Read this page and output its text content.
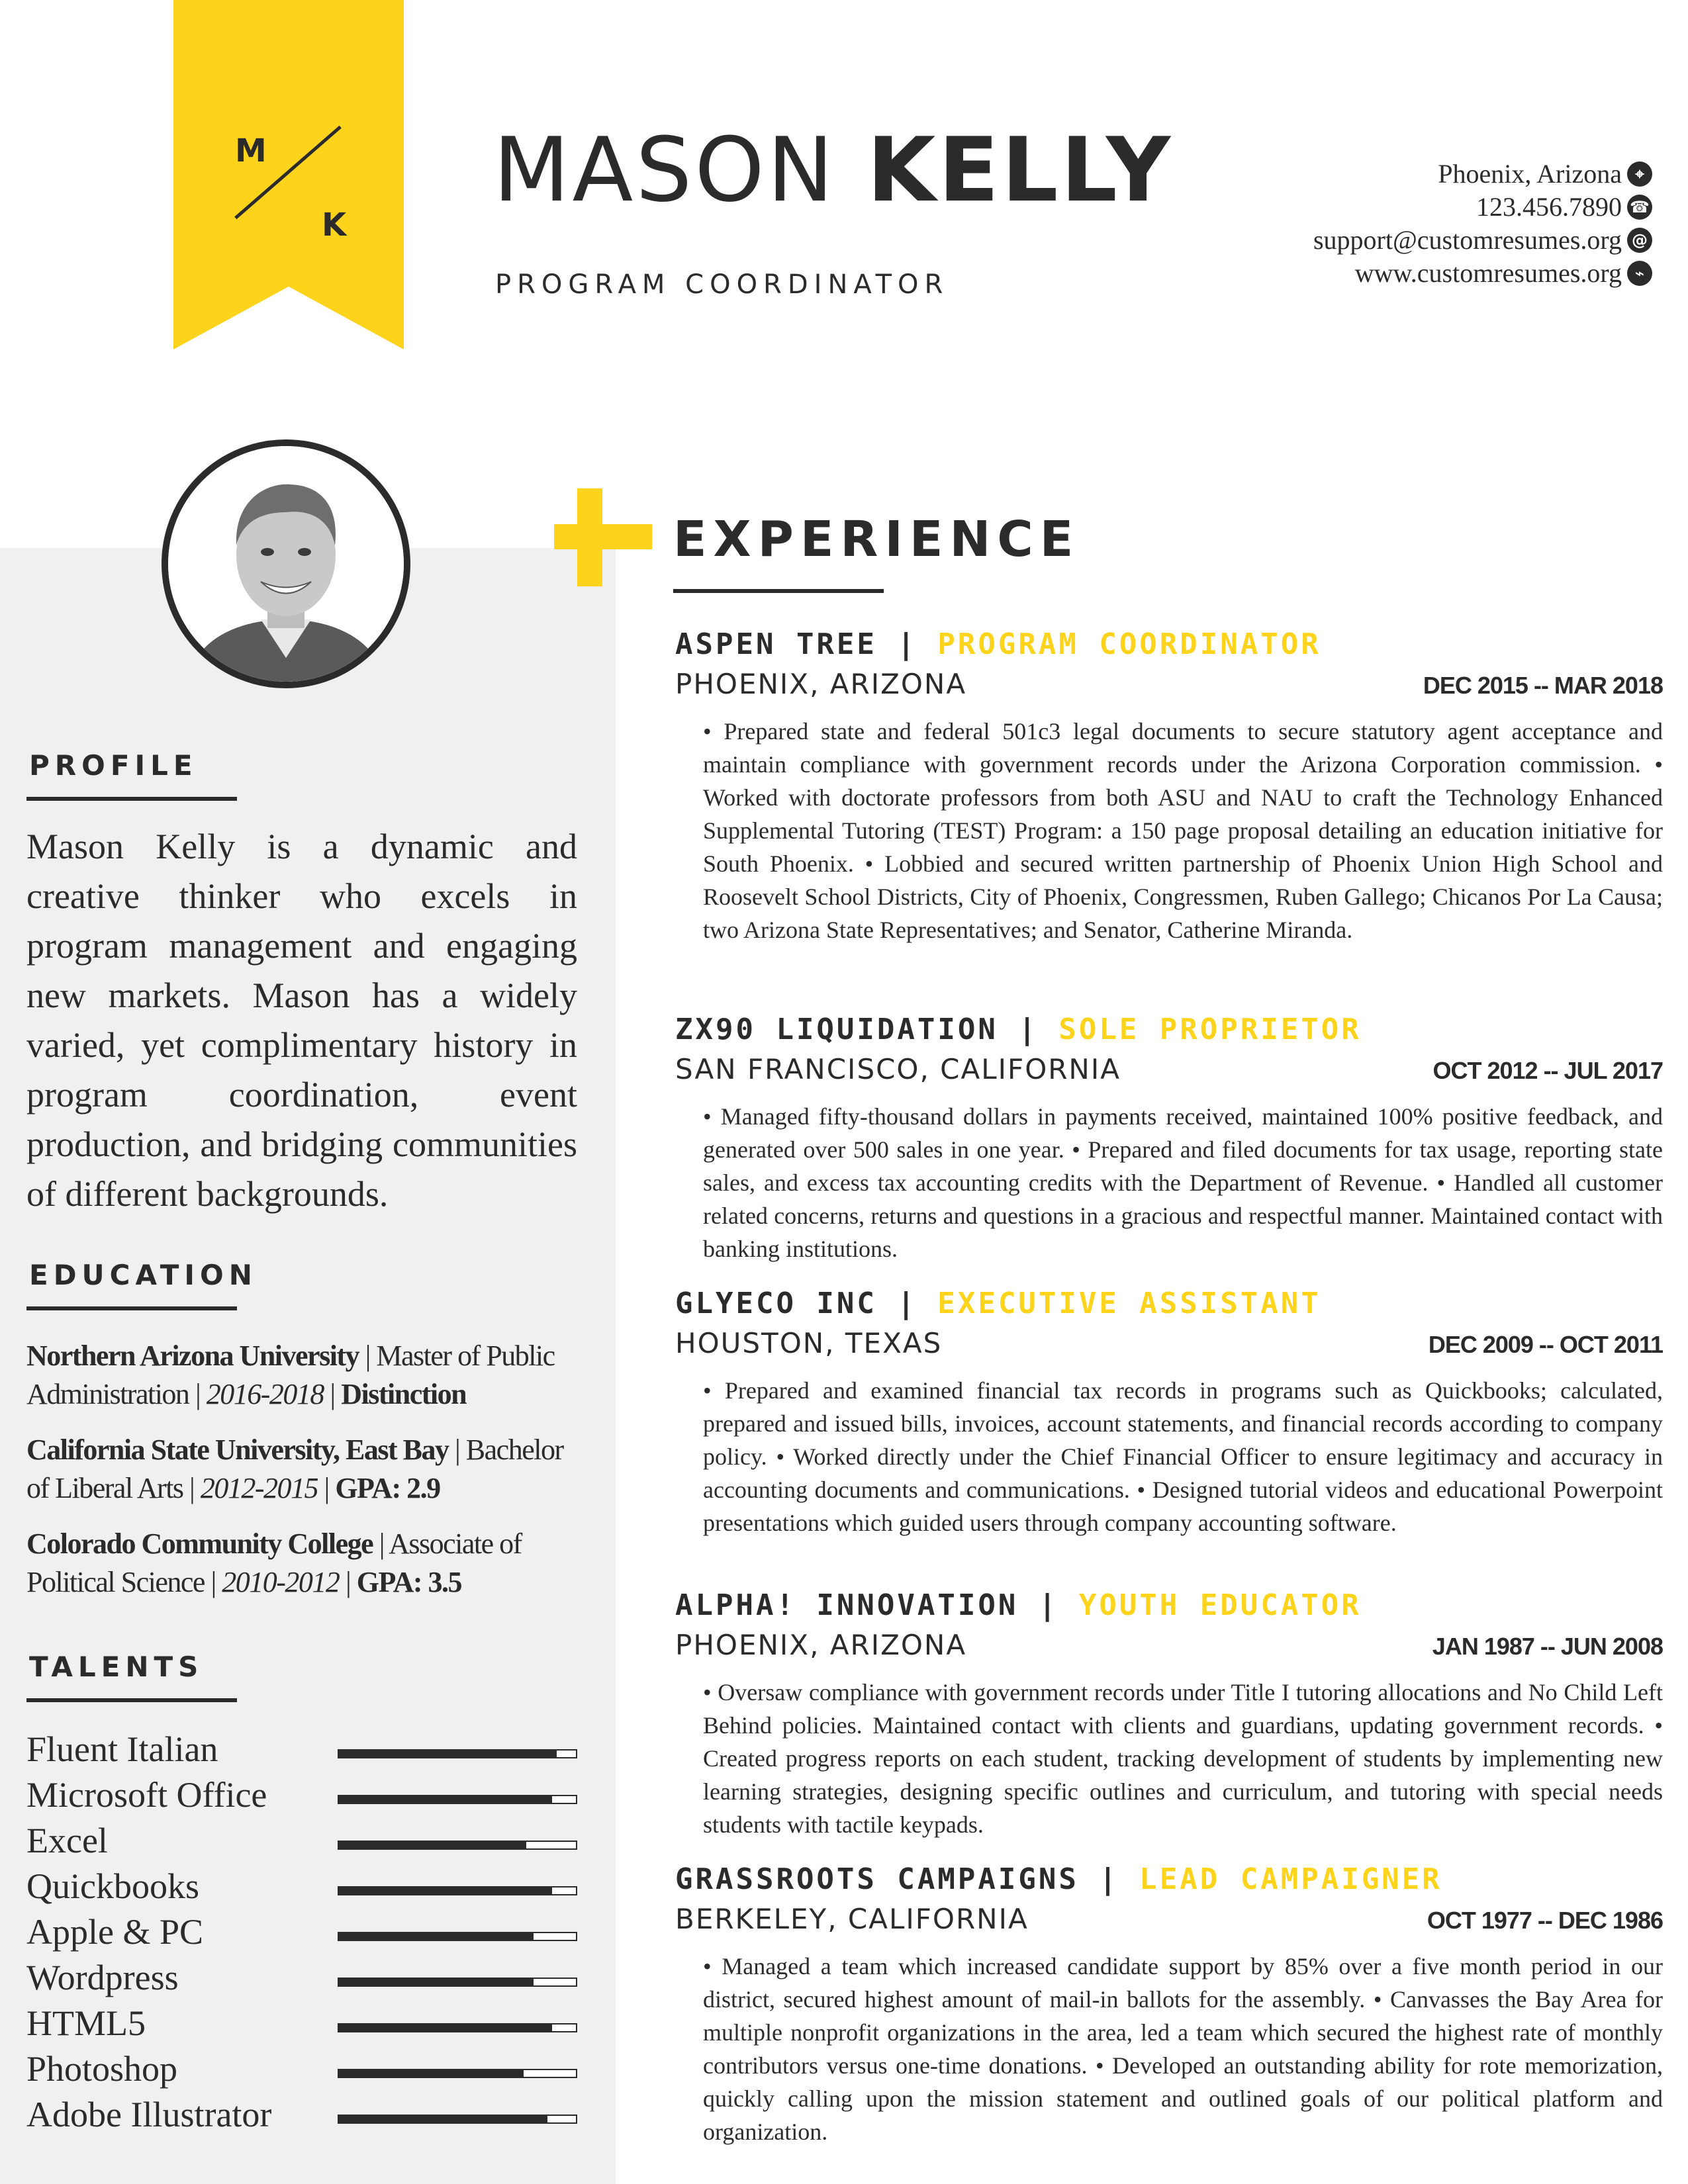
M
K
MASON KELLY
PROGRAM COORDINATOR
Phoenix, Arizona ⌖
123.456.7890 ☎
support@customresumes.org @
www.customresumes.org ⌁
PROFILE
Mason Kelly is a dynamic and creative thinker who excels in program management and engaging new markets. Mason has a widely varied, yet complimentary history in program coordination, event production, and bridging communities of different backgrounds.
EDUCATION
Northern Arizona University | Master of Public Administration | 2016-2018 | Distinction
California State University, East Bay | Bachelor of Liberal Arts | 2012-2015 | GPA: 2.9
Colorado Community College | Associate of Political Science | 2010-2012 | GPA: 3.5
TALENTS
Fluent Italian
Microsoft Office
Excel
Quickbooks
Apple & PC
Wordpress
HTML5
Photoshop
Adobe Illustrator
EXPERIENCE
ASPEN TREE | PROGRAM COORDINATOR
PHOENIX, ARIZONA	DEC 2015 -- MAR 2018
• Prepared state and federal 501c3 legal documents to secure statutory agent acceptance and maintain compliance with government records under the Arizona Corporation commission. • Worked with doctorate professors from both ASU and NAU to craft the Technology Enhanced Supplemental Tutoring (TEST) Program: a 150 page proposal detailing an education initiative for South Phoenix. • Lobbied and secured written partnership of Phoenix Union High School and Roosevelt School Districts, City of Phoenix, Congressmen, Ruben Gallego; Chicanos Por La Causa; two Arizona State Representatives; and Senator, Catherine Miranda.
ZX90 LIQUIDATION | SOLE PROPRIETOR
SAN FRANCISCO, CALIFORNIA	OCT 2012 -- JUL 2017
• Managed fifty-thousand dollars in payments received, maintained 100% positive feedback, and generated over 500 sales in one year. • Prepared and filed documents for tax usage, reporting state sales, and excess tax accounting credits with the Department of Revenue. • Handled all customer related concerns, returns and questions in a gracious and respectful manner. Maintained contact with banking institutions.
GLYECO INC | EXECUTIVE ASSISTANT
HOUSTON, TEXAS	DEC 2009 -- OCT 2011
• Prepared and examined financial tax records in programs such as Quickbooks; calculated, prepared and issued bills, invoices, account statements, and financial records according to company policy. • Worked directly under the Chief Financial Officer to ensure legitimacy and accuracy in accounting documents and communications. • Designed tutorial videos and educational Powerpoint presentations which guided users through company accounting software.
ALPHA! INNOVATION | YOUTH EDUCATOR
PHOENIX, ARIZONA	JAN 1987 -- JUN 2008
• Oversaw compliance with government records under Title I tutoring allocations and No Child Left Behind policies. Maintained contact with clients and guardians, updating government records. • Created progress reports on each student, tracking development of students by implementing new learning strategies, designing specific outlines and curriculum, and tutoring with special needs students with tactile keypads.
GRASSROOTS CAMPAIGNS | LEAD CAMPAIGNER
BERKELEY, CALIFORNIA	OCT 1977 -- DEC 1986
• Managed a team which increased candidate support by 85% over a five month period in our district, secured highest amount of mail-in ballots for the assembly. • Canvasses the Bay Area for multiple nonprofit organizations in the area, led a team which secured the highest rate of monthly contributors versus one-time donations. • Developed an outstanding ability for rote memorization, quickly calling upon the mission statement and outlined goals of our political platform and organization.
